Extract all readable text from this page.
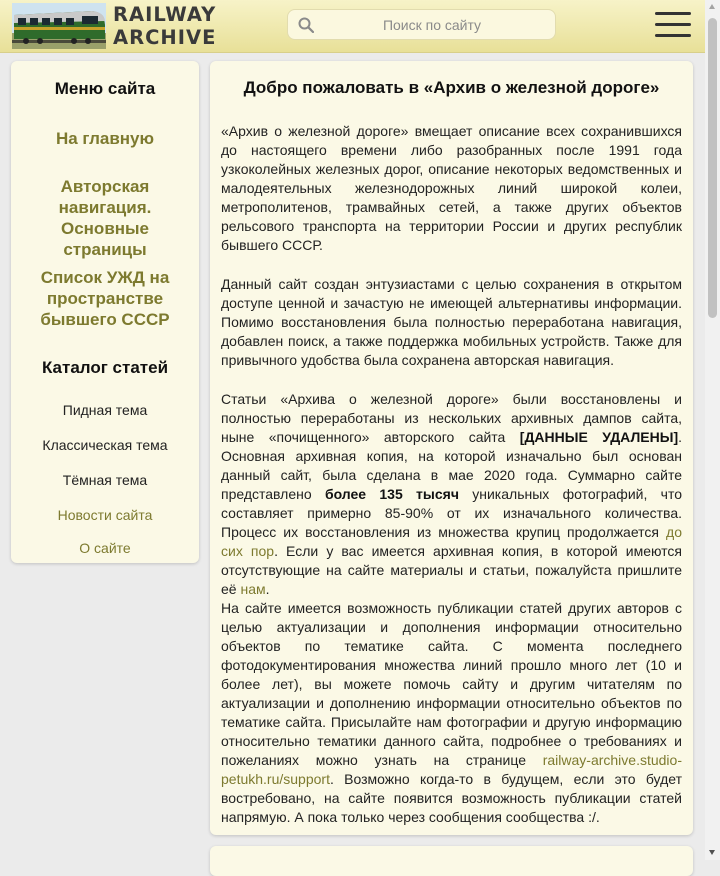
RAILWAY
ARCHIVE
Поиск по сайту
Меню сайта
На главную
Авторская навигация. Основные страницы
Список УЖД на пространстве бывшего СССР
Каталог статей
Пидная тема
Классическая тема
Тёмная тема
Новости сайта
О сайте
Добро пожаловать в «Архив о железной дороге»
«Архив о железной дороге» вмещает описание всех сохранившихся до настоящего времени либо разобранных после 1991 года узкоколейных железных дорог, описание некоторых ведомственных и малодеятельных железнодорожных линий широкой колеи, метрополитенов, трамвайных сетей, а также других объектов рельсового транспорта на территории России и других республик бывшего СССР.
Данный сайт создан энтузиастами с целью сохранения в открытом доступе ценной и зачастую не имеющей альтернативы информации. Помимо восстановления была полностью переработана навигация, добавлен поиск, а также поддержка мобильных устройств. Также для привычного удобства была сохранена авторская навигация.
Статьи «Архива о железной дороге» были восстановлены и полностью переработаны из нескольких архивных дампов сайта, ныне «почищенного» авторского сайта [ДАННЫЕ УДАЛЕНЫ]. Основная архивная копия, на которой изначально был основан данный сайт, была сделана в мае 2020 года. Суммарно сайте представлено более 135 тысяч уникальных фотографий, что составляет примерно 85-90% от их изначального количества. Процесс их восстановления из множества крупиц продолжается до сих пор. Если у вас имеется архивная копия, в которой имеются отсутствующие на сайте материалы и статьи, пожалуйста пришлите её нам.
На сайте имеется возможность публикации статей других авторов с целью актуализации и дополнения информации относительно объектов по тематике сайта. С момента последнего фотодокументирования множества линий прошло много лет (10 и более лет), вы можете помочь сайту и другим читателям по актуализации и дополнению информации относительно объектов по тематике сайта. Присылайте нам фотографии и другую информацию относительно тематики данного сайта, подробнее о требованиях и пожеланиях можно узнать на странице railway-archive.studio-petukh.ru/support. Возможно когда-то в будущем, если это будет востребовано, на сайте появится возможность публикации статей напрямую. А пока только через сообщения сообщества :/.
